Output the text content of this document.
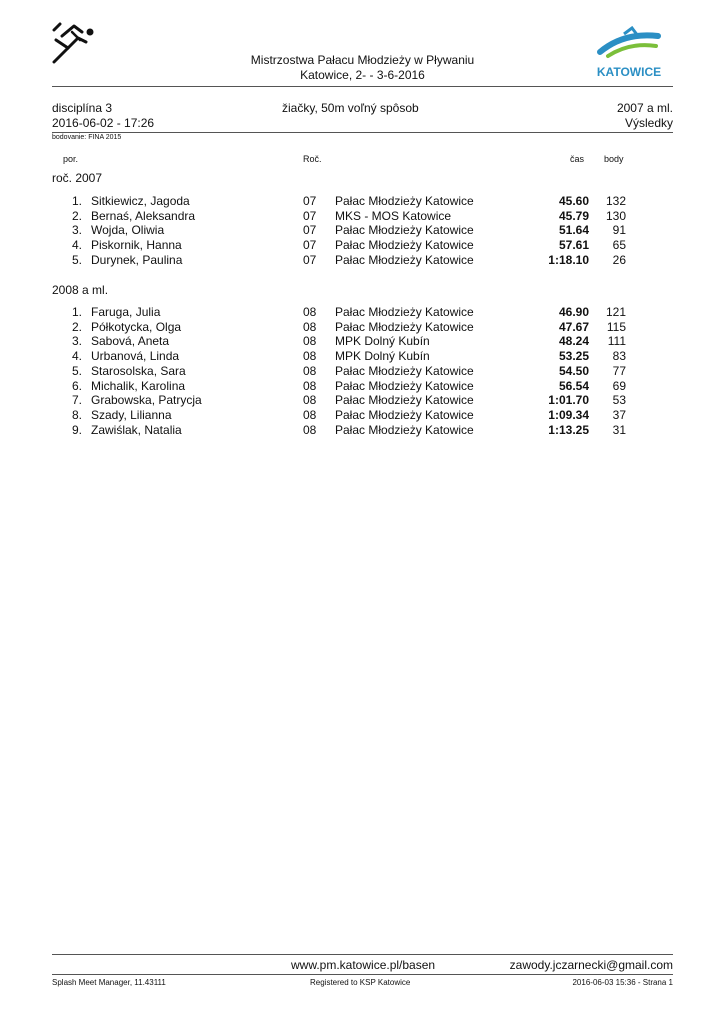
Mistrzostwa Pałacu Młodzieży w Pływaniu
Katowice, 2- - 3-6-2016	KATOWICE
disciplína 3	žiačky, 50m voľný spôsob	2007 a ml.
2016-06-02 - 17:26	Výsledky
bodovanie: FINA 2015
por.	Roč.	čas body
roč. 2007
1. Sitkiewicz, Jagoda	07 Pałac Młodzieży Katowice	45.60	132
2. Bernaś, Aleksandra	07 MKS - MOS Katowice	45.79	130
3. Wojda, Oliwia	07 Pałac Młodzieży Katowice	51.64	91
4. Piskornik, Hanna	07 Pałac Młodzieży Katowice	57.61	65
5. Durynek, Paulina	07 Pałac Młodzieży Katowice	1:18.10	26
2008 a ml.
1. Faruga, Julia	08 Pałac Młodzieży Katowice	46.90	121
2. Półkotycka, Olga	08 Pałac Młodzieży Katowice	47.67	115
3. Sabová, Aneta	08 MPK Dolný Kubín	48.24	111
4. Urbanová, Linda	08 MPK Dolný Kubín	53.25	83
5. Starosolska, Sara	08 Pałac Młodzieży Katowice	54.50	77
6. Michalik, Karolina	08 Pałac Młodzieży Katowice	56.54	69
7. Grabowska, Patrycja	08 Pałac Młodzieży Katowice	1:01.70	53
8. Szady, Lilianna	08 Pałac Młodzieży Katowice	1:09.34	37
9. Zawiślak, Natalia	08 Pałac Młodzieży Katowice	1:13.25	31
www.pm.katowice.pl/basen	zawody.jczarnecki@gmail.com
Splash Meet Manager, 11.43111	Registered to KSP Katowice	2016-06-03 15:36 - Strana 1
